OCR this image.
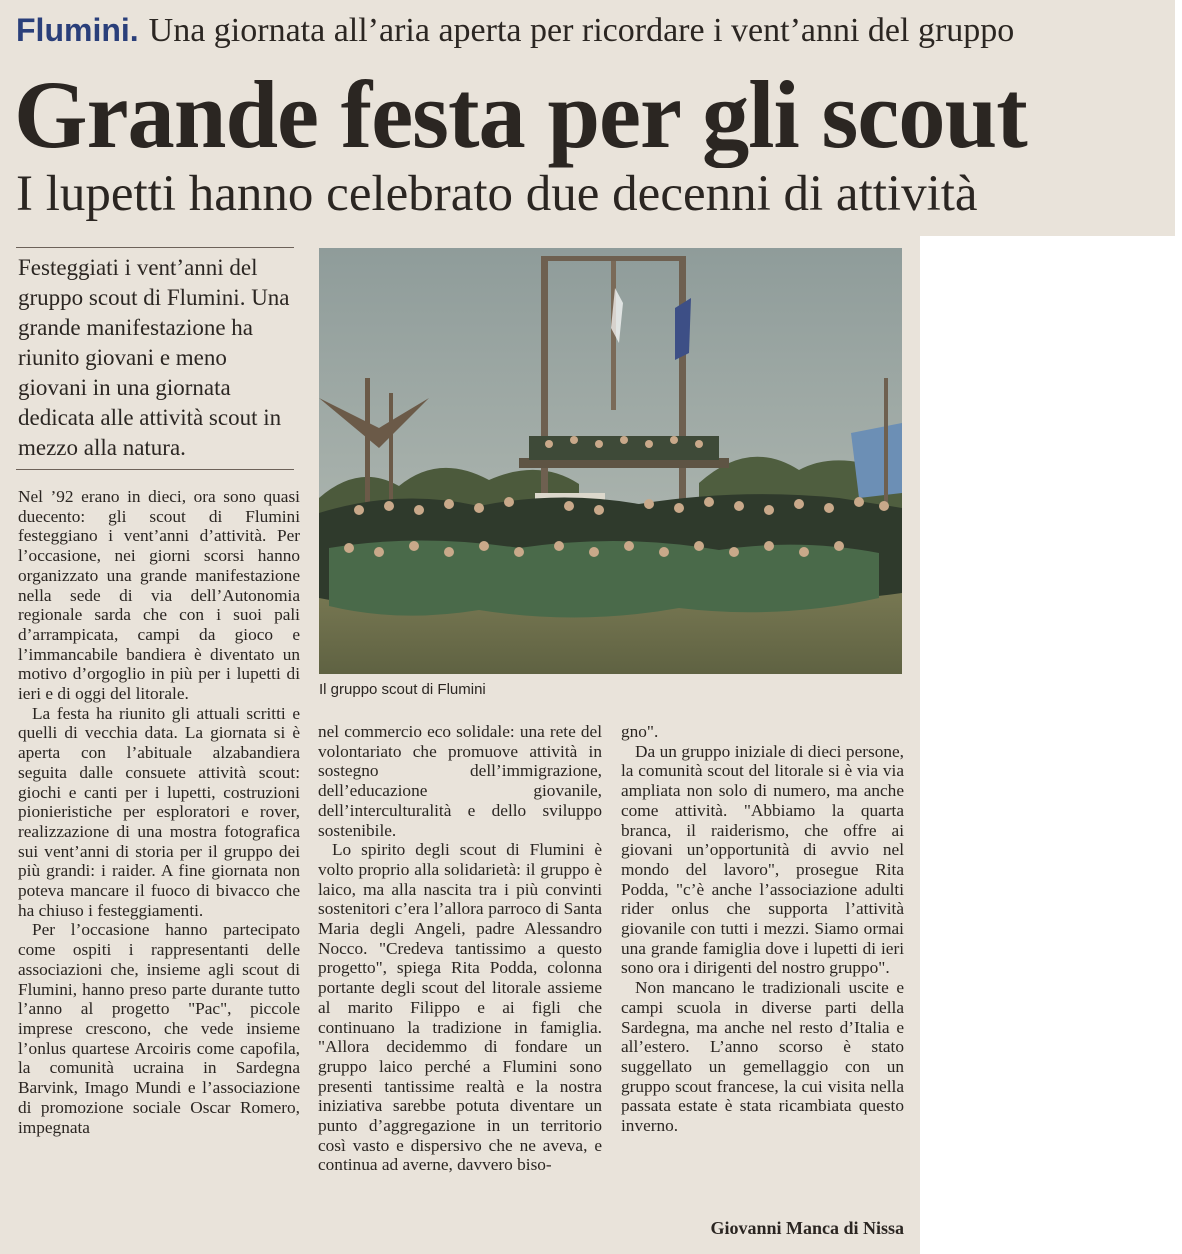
Flumini. Una giornata all’aria aperta per ricordare i vent’anni del gruppo
Grande festa per gli scout
I lupetti hanno celebrato due decenni di attività
Festeggiati i vent’anni del gruppo scout di Flumini. Una grande manifestazione ha riunito giovani e meno giovani in una giornata dedicata alle attività scout in mezzo alla natura.

Nel ’92 erano in dieci, ora sono quasi duecento: gli scout di Flumini festeggiano i vent’anni d’attività. Per l’occasione, nei giorni scorsi hanno organizzato una grande manifestazione nella sede di via dell’Autonomia regionale sarda che con i suoi pali d’arrampicata, campi da gioco e l’immancabile bandiera è diventato un motivo d’orgoglio in più per i lupetti di ieri e di oggi del litorale.

La festa ha riunito gli attuali scritti e quelli di vecchia data. La giornata si è aperta con l’abituale alzabandiera seguita dalle consuete attività scout: giochi e canti per i lupetti, costruzioni pionieristiche per esploratori e rover, realizzazione di una mostra fotografica sui vent’anni di storia per il gruppo dei più grandi: i raider. A fine giornata non poteva mancare il fuoco di bivacco che ha chiuso i festeggiamenti.

Per l’occasione hanno partecipato come ospiti i rappresentanti delle associazioni che, insieme agli scout di Flumini, hanno preso parte durante tutto l’anno al progetto "Pac", piccole imprese crescono, che vede insieme l’onlus quartese Arcoiris come capofila, la comunità ucraina in Sardegna Barvink, Imago Mundi e l’associazione di promozione sociale Oscar Romero, impegnata

Il gruppo scout di Flumini

nel commercio eco solidale: una rete del volontariato che promuove attività in sostegno dell’immigrazione, dell’educazione giovanile, dell’interculturalità e dello sviluppo sostenibile.

Lo spirito degli scout di Flumini è volto proprio alla solidarietà: il gruppo è laico, ma alla nascita tra i più convinti sostenitori c’era l’allora parroco di Santa Maria degli Angeli, padre Alessandro Nocco. "Credeva tantissimo a questo progetto", spiega Rita Podda, colonna portante degli scout del litorale assieme al marito Filippo e ai figli che continuano la tradizione in famiglia. "Allora decidemmo di fondare un gruppo laico perché a Flumini sono presenti tantissime realtà e la nostra iniziativa sarebbe potuta diventare un punto d’aggregazione in un territorio così vasto e dispersivo che ne aveva, e continua ad averne, davvero biso-

gno".

Da un gruppo iniziale di dieci persone, la comunità scout del litorale si è via via ampliata non solo di numero, ma anche come attività. "Abbiamo la quarta branca, il raiderismo, che offre ai giovani un’opportunità di avvio nel mondo del lavoro", prosegue Rita Podda, "c’è anche l’associazione adulti rider onlus che supporta l’attività giovanile con tutti i mezzi. Siamo ormai una grande famiglia dove i lupetti di ieri sono ora i dirigenti del nostro gruppo".

Non mancano le tradizionali uscite e campi scuola in diverse parti della Sardegna, ma anche nel resto d’Italia e all’estero. L’anno scorso è stato suggellato un gemellaggio con un gruppo scout francese, la cui visita nella passata estate è stata ricambiata questo inverno.

Giovanni Manca di Nissa
